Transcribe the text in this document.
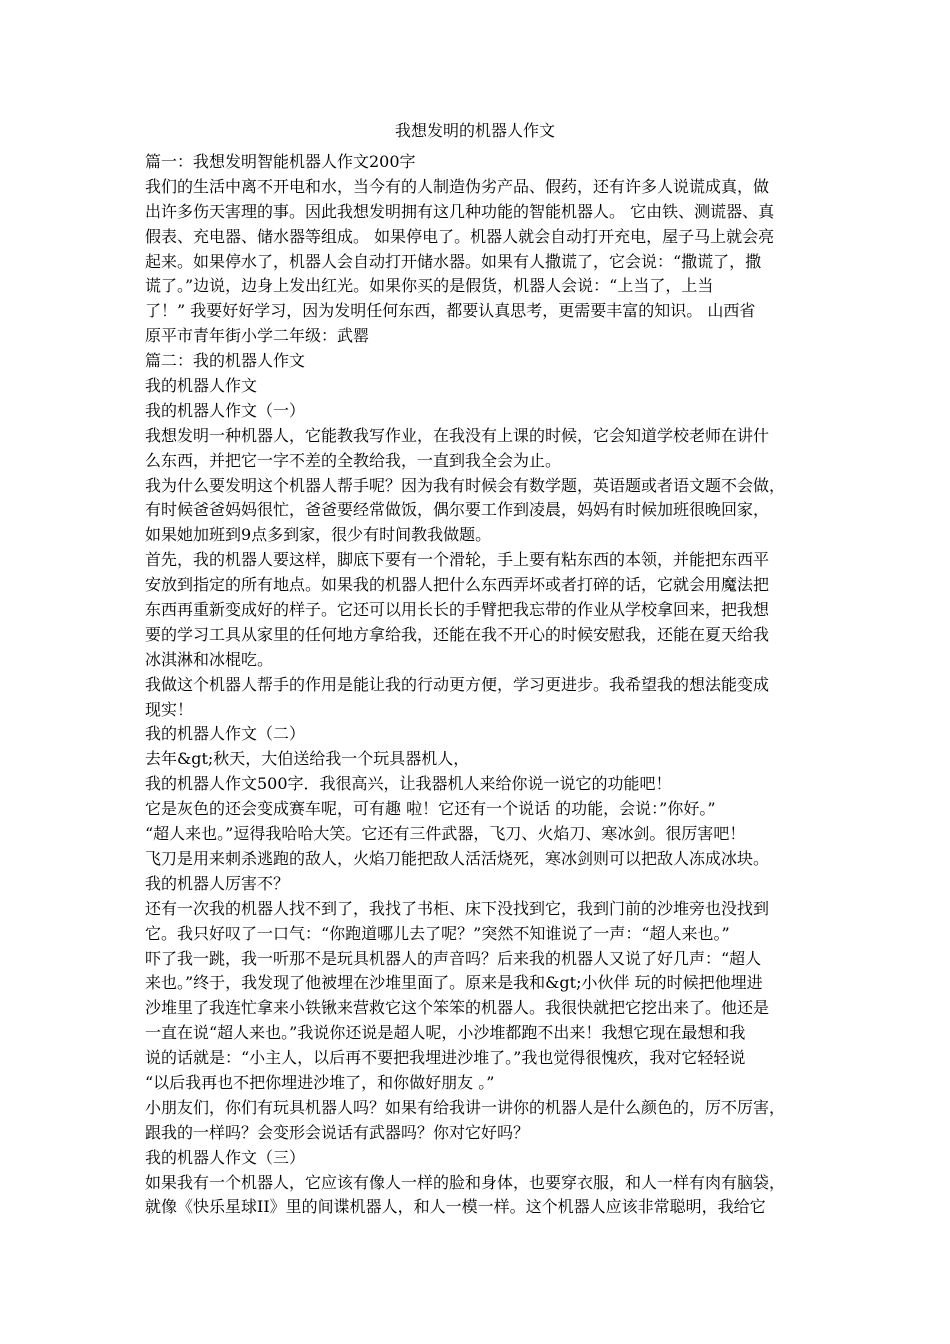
我想发明的机器人作文
篇一：我想发明智能机器人作文200字
我们的生活中离不开电和水，当今有的人制造伪劣产品、假药，还有许多人说谎成真，做
出许多伤天害理的事。因此我想发明拥有这几种功能的智能机器人。 它由铁、测谎器、真
假表、充电器、储水器等组成。 如果停电了。机器人就会自动打开充电，屋子马上就会亮
起来。如果停水了，机器人会自动打开储水器。如果有人撒谎了，它会说：“撒谎了，撒
谎了。”边说，边身上发出红光。如果你买的是假货，机器人会说：“上当了，上当
了！” 我要好好学习，因为发明任何东西，都要认真思考，更需要丰富的知识。 山西省
原平市青年街小学二年级：武罂
篇二：我的机器人作文
我的机器人作文
我的机器人作文（一）
我想发明一种机器人，它能教我写作业，在我没有上课的时候，它会知道学校老师在讲什
么东西，并把它一字不差的全教给我，一直到我全会为止。
我为什么要发明这个机器人帮手呢？因为我有时候会有数学题，英语题或者语文题不会做，
有时候爸爸妈妈很忙，爸爸要经常做饭，偶尔要工作到凌晨，妈妈有时候加班很晚回家，
如果她加班到9点多到家，很少有时间教我做题。
首先，我的机器人要这样，脚底下要有一个滑轮，手上要有粘东西的本领，并能把东西平
安放到指定的所有地点。如果我的机器人把什么东西弄坏或者打碎的话，它就会用魔法把
东西再重新变成好的样子。它还可以用长长的手臂把我忘带的作业从学校拿回来，把我想
要的学习工具从家里的任何地方拿给我，还能在我不开心的时候安慰我，还能在夏天给我
冰淇淋和冰棍吃。
我做这个机器人帮手的作用是能让我的行动更方便，学习更进步。我希望我的想法能变成
现实！
我的机器人作文（二）
去年&gt;秋天，大伯送给我一个玩具器机人，
我的机器人作文500字．我很高兴，让我器机人来给你说一说它的功能吧！
它是灰色的还会变成赛车呢，可有趣 啦！它还有一个说话 的功能，会说：”你好。”
“超人来也。”逗得我哈哈大笑。它还有三件武器，飞刀、火焰刀、寒冰剑。很厉害吧！
飞刀是用来刺杀逃跑的敌人，火焰刀能把敌人活活烧死，寒冰剑则可以把敌人冻成冰块。
我的机器人厉害不？
还有一次我的机器人找不到了，我找了书柜、床下没找到它，我到门前的沙堆旁也没找到
它。我只好叹了一口气：“你跑道哪儿去了呢？”突然不知谁说了一声：“超人来也。”
吓了我一跳，我一听那不是玩具机器人的声音吗？后来我的机器人又说了好几声：“超人
来也。”终于，我发现了他被埋在沙堆里面了。原来是我和&gt;小伙伴 玩的时候把他埋进
沙堆里了我连忙拿来小铁锹来营救它这个笨笨的机器人。我很快就把它挖出来了。他还是
一直在说“超人来也。”我说你还说是超人呢，小沙堆都跑不出来！我想它现在最想和我
说的话就是：“小主人，以后再不要把我埋进沙堆了。”我也觉得很愧疚，我对它轻轻说
“以后我再也不把你埋进沙堆了，和你做好朋友 。”
小朋友们，你们有玩具机器人吗？如果有给我讲一讲你的机器人是什么颜色的，厉不厉害，
跟我的一样吗？会变形会说话有武器吗？你对它好吗？
我的机器人作文（三）
如果我有一个机器人，它应该有像人一样的脸和身体，也要穿衣服，和人一样有肉有脑袋，
就像《快乐星球II》里的间谍机器人，和人一模一样。这个机器人应该非常聪明，我给它
